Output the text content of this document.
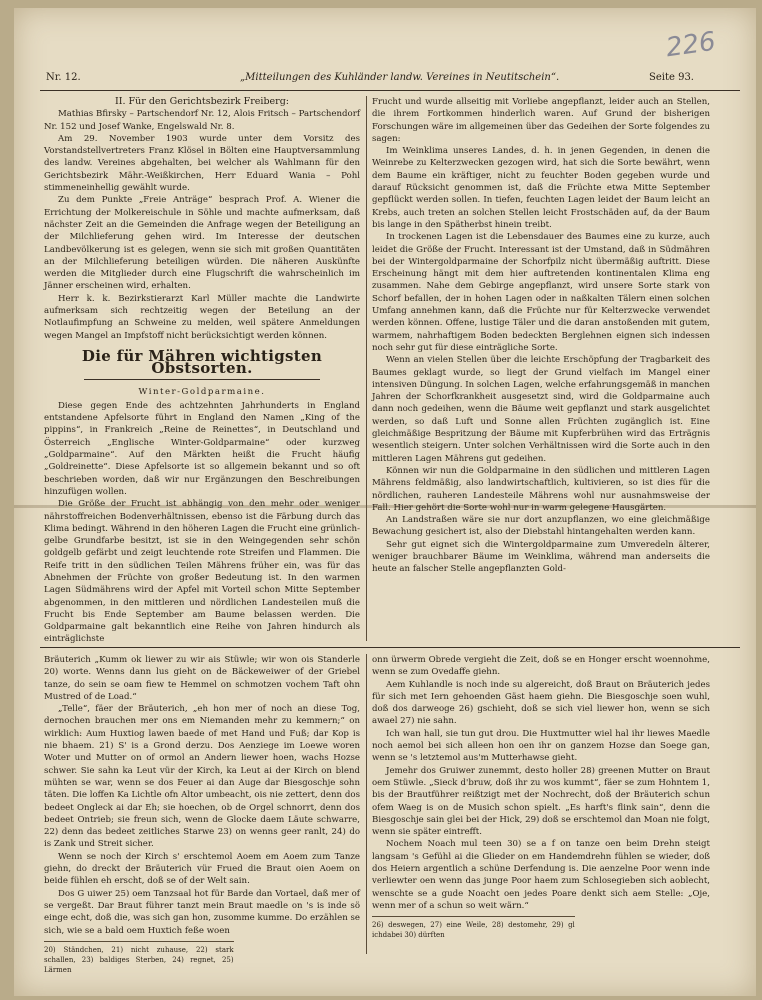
226
Nr. 12.	„Mitteilungen des Kuhländer landw. Vereines in Neutitschein“.	Seite 93.

II. Für den Gerichtsbezirk Freiberg:

Mathias Bfirsky – Partschendorf Nr. 12, Alois Fritsch – Partschendorf Nr. 152 und Josef Wanke, Engelswald Nr. 8.

Am 29. November 1903 wurde unter dem Vorsitz des Vorstandstellvertreters Franz Klösel in Bölten eine Hauptversammlung des landw. Vereines abgehalten, bei welcher als Wahlmann für den Gerichtsbezirk Mähr.-Weißkirchen, Herr Eduard Wania – Pohl stimmeneinhellig gewählt wurde.

Zu dem Punkte „Freie Anträge“ besprach Prof. A. Wiener die Errichtung der Molkereischule in Söhle und machte aufmerksam, daß nächster Zeit an die Gemeinden die Anfrage wegen der Beteiligung an der Milchlieferung gehen wird. Im Interesse der deutschen Landbevölkerung ist es gelegen, wenn sie sich mit großen Quantitäten an der Milchlieferung beteiligen würden. Die näheren Auskünfte werden die Mitglieder durch eine Flugschrift die wahrscheinlich im Jänner erscheinen wird, erhalten.

Herr k. k. Bezirkstierarzt Karl Müller machte die Landwirte aufmerksam sich rechtzeitig wegen der Beteilung an der Notlaufimpfung an Schweine zu melden, weil spätere Anmeldungen wegen Mangel an Impfstoff nicht berücksichtigt werden können.

Die für Mähren wichtigsten Obstsorten.
Winter-Goldparmaine.

Diese gegen Ende des achtzehnten Jahrhunderts in England entstandene Apfelsorte führt in England den Namen „King of the pippins“, in Frankreich „Reine de Reinettes“, in Deutschland und Österreich „Englische Winter-Goldparmaine“ oder kurzweg „Goldparmaine“. Auf den Märkten heißt die Frucht häufig „Goldreinette“. Diese Apfelsorte ist so allgemein bekannt und so oft beschrieben worden, daß wir nur Ergänzungen den Beschreibungen hinzufügen wollen.

Die Größe der Frucht ist abhängig von den mehr oder weniger nährstoffreichen Bodenverhältnissen, ebenso ist die Färbung durch das Klima bedingt. Während in den höheren Lagen die Frucht eine grünlich-gelbe Grundfarbe besitzt, ist sie in den Weingegenden sehr schön goldgelb gefärbt und zeigt leuchtende rote Streifen und Flammen. Die Reife tritt in den südlichen Teilen Mährens früher ein, was für das Abnehmen der Früchte von großer Bedeutung ist. In den warmen Lagen Südmährens wird der Apfel mit Vorteil schon Mitte September abgenommen, in den mittleren und nördlichen Landesteilen muß die Frucht bis Ende September am Baume belassen werden. Die Goldparmaine galt bekanntlich eine Reihe von Jahren hindurch als einträglichste

Frucht und wurde allseitig mit Vorliebe angepflanzt, leider auch an Stellen, die ihrem Fortkommen hinderlich waren. Auf Grund der bisherigen Forschungen wäre im allgemeinen über das Gedeihen der Sorte folgendes zu sagen:

Im Weinklima unseres Landes, d. h. in jenen Gegenden, in denen die Weinrebe zu Kelterzwecken gezogen wird, hat sich die Sorte bewährt, wenn dem Baume ein kräftiger, nicht zu feuchter Boden gegeben wurde und darauf Rücksicht genommen ist, daß die Früchte etwa Mitte September gepflückt werden sollen. In tiefen, feuchten Lagen leidet der Baum leicht an Krebs, auch treten an solchen Stellen leicht Frostschäden auf, da der Baum bis lange in den Spätherbst hinein treibt.

In trockenen Lagen ist die Lebensdauer des Baumes eine zu kurze, auch leidet die Größe der Frucht. Interessant ist der Umstand, daß in Südmähren bei der Wintergoldparmaine der Schorfpilz nicht übermäßig auftritt. Diese Erscheinung hängt mit dem hier auftretenden kontinentalen Klima eng zusammen. Nahe dem Gebirge angepflanzt, wird unsere Sorte stark von Schorf befallen, der in hohen Lagen oder in naßkalten Tälern einen solchen Umfang annehmen kann, daß die Früchte nur für Kelterzwecke verwendet werden können. Offene, lustige Täler und die daran anstoßenden mit gutem, warmem, nahrhaftigem Boden bedeckten Berglehnen eignen sich indessen noch sehr gut für diese einträgliche Sorte.

Wenn an vielen Stellen über die leichte Erschöpfung der Tragbarkeit des Baumes geklagt wurde, so liegt der Grund vielfach im Mangel einer intensiven Düngung. In solchen Lagen, welche erfahrungsgemäß in manchen Jahren der Schorfkrankheit ausgesetzt sind, wird die Goldparmaine auch dann noch gedeihen, wenn die Bäume weit gepflanzt und stark ausgelichtet werden, so daß Luft und Sonne allen Früchten zugänglich ist. Eine gleichmäßige Bespritzung der Bäume mit Kupferbrühen wird das Erträgnis wesentlich steigern. Unter solchen Verhältnissen wird die Sorte auch in den mittleren Lagen Mährens gut gedeihen.

Können wir nun die Goldparmaine in den südlichen und mittleren Lagen Mährens feldmäßig, also landwirtschaftlich, kultivieren, so ist dies für die nördlichen, rauheren Landesteile Mährens wohl nur ausnahmsweise der Fall. Hier gehört die Sorte wohl nur in warm gelegene Hausgärten.

An Landstraßen wäre sie nur dort anzupflanzen, wo eine gleichmäßige Bewachung gesichert ist, also der Diebstahl hintangehalten werden kann.

Sehr gut eignet sich die Wintergoldparmaine zum Umveredeln älterer, weniger brauchbarer Bäume im Weinklima, während man anderseits die heute an falscher Stelle angepflanzten Gold-

Bräuterich „Kumm ok liewer zu wir ais Stüwle; wir won ois Standerle 20) worte. Wenns dann lus gieht on de Bäckeweiwer of der Griebel tanze, do sein se oam fiew te Hemmel on schmotzen vochem Taft ohn Mustred of de Load.“

„Telle“, fäer der Bräuterich, „eh hon mer of noch an diese Tog, dernochen brauchen mer ons em Niemanden mehr zu kemmern;“ on wirklich: Aum Huxtiog lawen baede of met Hand und Fuß; dar Kop is nie bhaem. 21) S' is a Grond derzu. Dos Aenziege im Loewe woren Woter und Mutter on of ormol an Andern liewer hoen, wachs Hozse schwer. Sie sahn ka Leut vür der Kirch, ka Leut ai der Kirch on blend mühten se war, wenn se dos Feuer ai dan Auge dar Biesgoschje sohn täten. Die loffen Ka Lichtle ofn Altor umbeacht, ois nie zettert, denn dos bedeet Ongleck ai dar Eh; sie hoechen, ob de Orgel schnorrt, denn dos bedeet Ontrieb; sie freun sich, wenn de Glocke daem Läute schwarre, 22) denn das bedeet zeitliches Starwe 23) on wenns geer ranlt, 24) do is Zank und Streit sicher.

Wenn se noch der Kirch s' erschtemol Aoem em Aoem zum Tanze giehn, do dreckt der Bräuterich vür Frued die Braut oien Aoem on beide fühlen eh erscht, doß se of der Welt sain.

Dos G uiwer 25) oem Tanzsaal hot für Barde dan Vortael, daß mer of se vergeßt. Dar Braut führer tanzt mein Braut maedle on 's is inde sö einge echt, doß die, was sich gan hon, zusomme kumme. Do erzählen se sich, wie se a bald oem Huxtich feße woen

20) Ständchen, 21) nicht zuhause, 22) stark schallen, 23) baldiges Sterben, 24) regnet, 25) Lärmen

onn ürwerm Obrede vergieht die Zeit, doß se en Honger erscht woennohme, wenn se zum Ovedaffe giehn.

Aem Kuhlandle is noch inde su algereicht, doß Braut on Bräuterich jedes für sich met Iern gehoenden Gäst haem giehn. Die Biesgoschje soen wuhl, doß dos darweoge 26) gschieht, doß se sich viel liewer hon, wenn se sich awael 27) nie sahn.

Ich wan hall, sie tun gut drou. Die Huxtmutter wiel hal ihr liewes Maedle noch aemol bei sich alleen hon oen ihr on ganzem Hozse dan Soege gan, wenn se 's letztemol aus'm Mutterhawse gieht.

Jemehr dos Gruiwer zunemmt, desto holler 28) greenen Mutter on Braut oem Stüwle. „Sieck d'bruw, doß ihr zu wos kummt“, fäer se zum Hohntem 1, bis der Brautführer reißtzigt met der Nochrecht, doß der Bräuterich schun ofem Waeg is on de Musich schon spielt. „Es harft's flink sain“, denn die Biesgoschje sain glei bei der Hick, 29) doß se erschtemol dan Moan nie folgt, wenn sie später eintrefft.

Nochem Noach mul teen 30) se a f on tanze oen beim Drehn steigt langsam 's Gefühl ai die Glieder on em Handemdrehn fühlen se wieder, doß dos Heiern argentlich a schüne Derfendung is. Die aenzelne Poor wenn inde verliewter oen wenn das junge Poor haem zum Schlosegieben sich aoblecht, wenschte se a gude Noacht oen jedes Poare denkt sich aem Stelle: „Oje, wenn mer of a schun so weit wärn.“

26) deswegen, 27) eine Weile, 28) destomehr, 29) gl ichdabei 30) dürften
